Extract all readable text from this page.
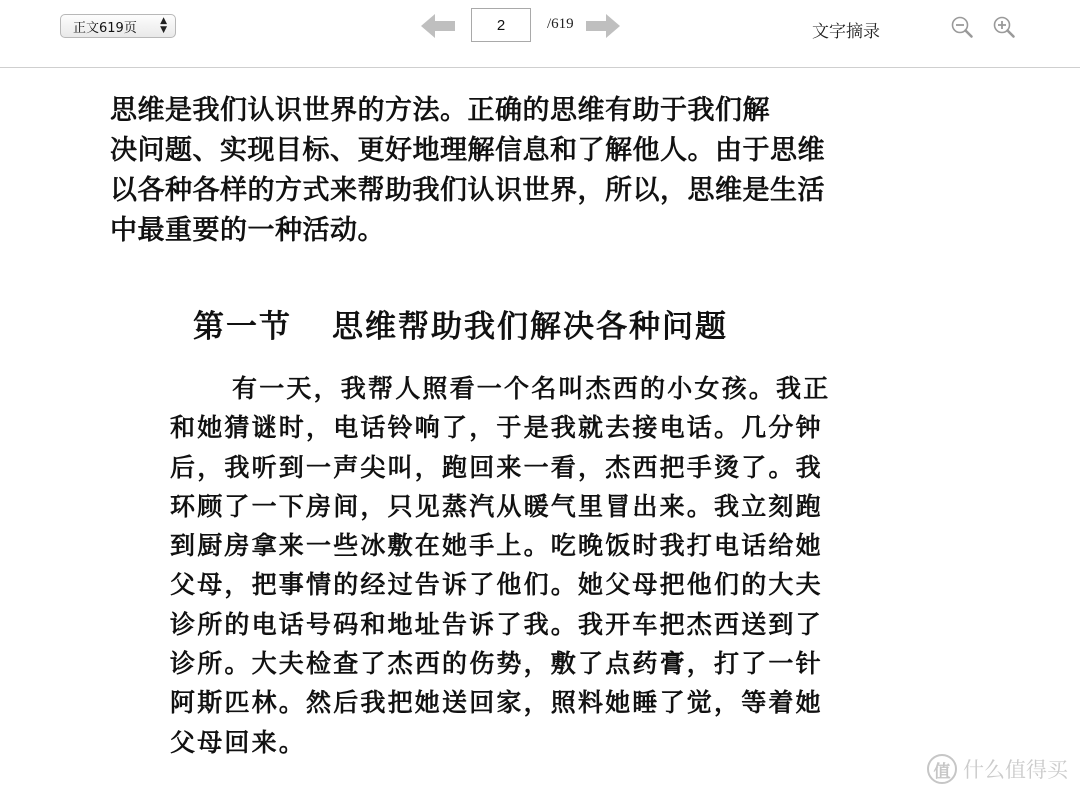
正文619页	▲
▼
2	/619	文字摘录
思维是我们认识世界的方法。正确的思维有助于我们解
决问题、实现目标、更好地理解信息和了解他人。由于思维
以各种各样的方式来帮助我们认识世界，所以，思维是生活
中最重要的一种活动。
第一节 思维帮助我们解决各种问题
有一天，我帮人照看一个名叫杰西的小女孩。我正
和她猜谜时，电话铃响了，于是我就去接电话。几分钟
后，我听到一声尖叫，跑回来一看，杰西把手烫了。我
环顾了一下房间，只见蒸汽从暖气里冒出来。我立刻跑
到厨房拿来一些冰敷在她手上。吃晚饭时我打电话给她
父母，把事情的经过告诉了他们。她父母把他们的大夫
诊所的电话号码和地址告诉了我。我开车把杰西送到了
诊所。大夫检查了杰西的伤势，敷了点药膏，打了一针
阿斯匹林。然后我把她送回家，照料她睡了觉，等着她
父母回来。
值 什么值得买
